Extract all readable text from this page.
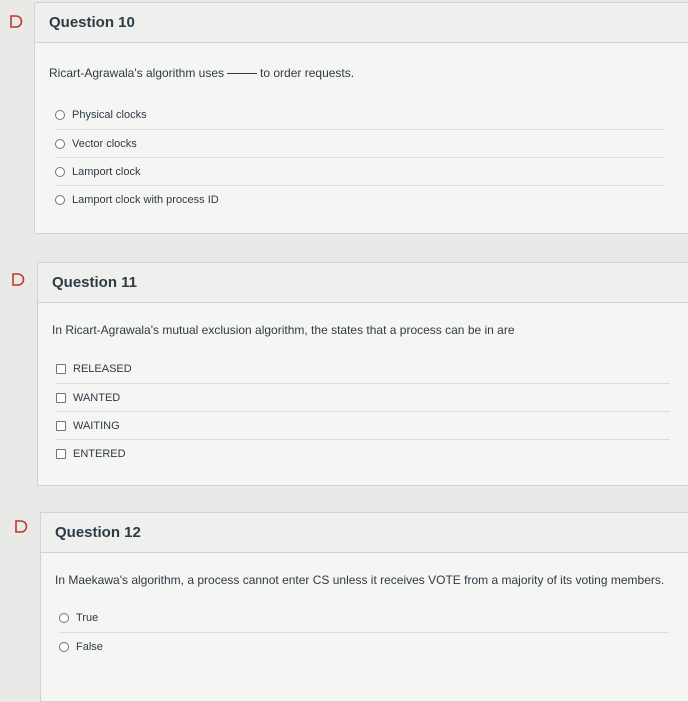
Question 10
Ricart-Agrawala's algorithm uses	to order requests.
Physical clocks
Vector clocks
Lamport clock
Lamport clock with process ID
Question 11
In Ricart-Agrawala's mutual exclusion algorithm, the states that a process can be in are
RELEASED
WANTED
WAITING
ENTERED
Question 12
In Maekawa's algorithm, a process cannot enter CS unless it receives VOTE from a majority of its voting members.
True
False
